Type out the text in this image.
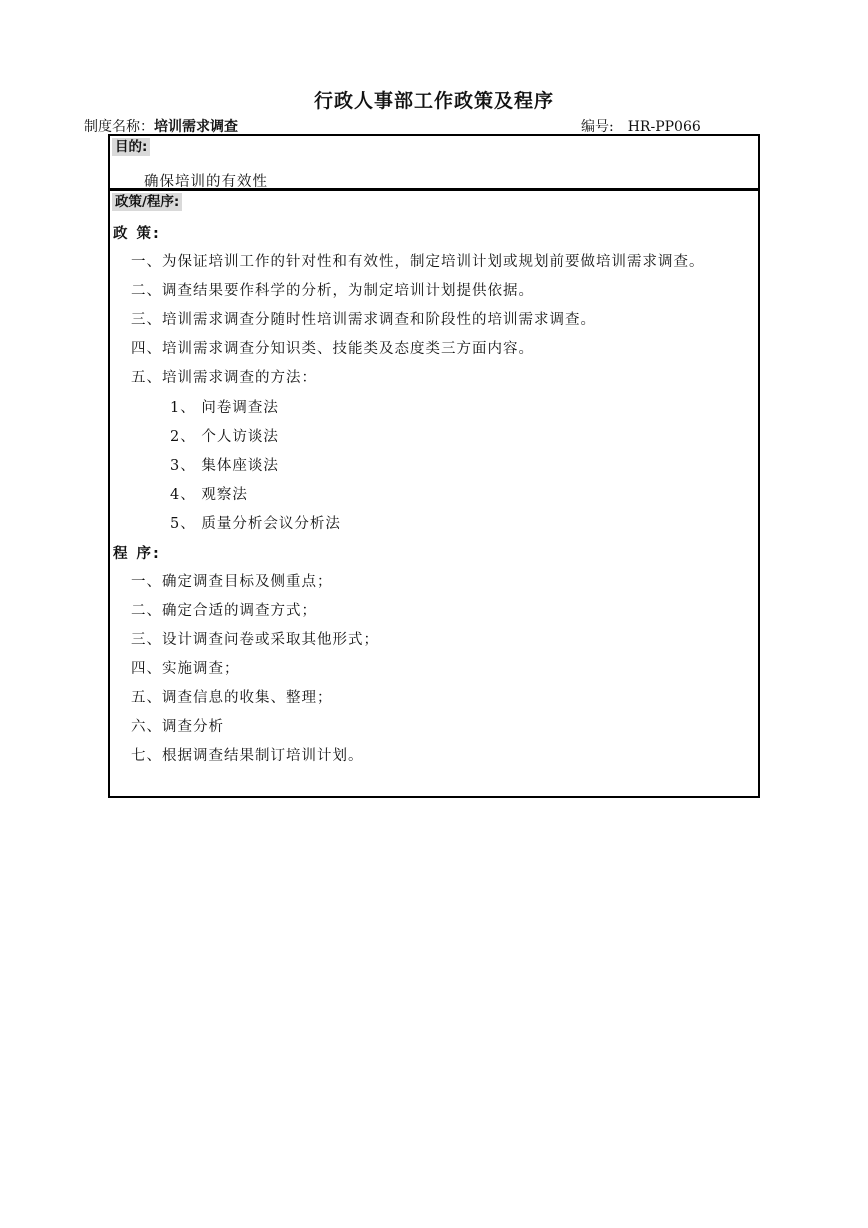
行政人事部工作政策及程序
制度名称：培训需求调查	编号: HR-PP066
目的:
确保培训的有效性
政策/程序:
政 策:
一、为保证培训工作的针对性和有效性，制定培训计划或规划前要做培训需求调查。
二、调查结果要作科学的分析，为制定培训计划提供依据。
三、培训需求调查分随时性培训需求调查和阶段性的培训需求调查。
四、培训需求调查分知识类、技能类及态度类三方面内容。
五、培训需求调查的方法：
1、 问卷调查法
2、 个人访谈法
3、 集体座谈法
4、 观察法
5、 质量分析会议分析法
程 序:
一、确定调查目标及侧重点；
二、确定合适的调查方式；
三、设计调查问卷或采取其他形式；
四、实施调查；
五、调查信息的收集、整理；
六、调查分析
七、根据调查结果制订培训计划。
